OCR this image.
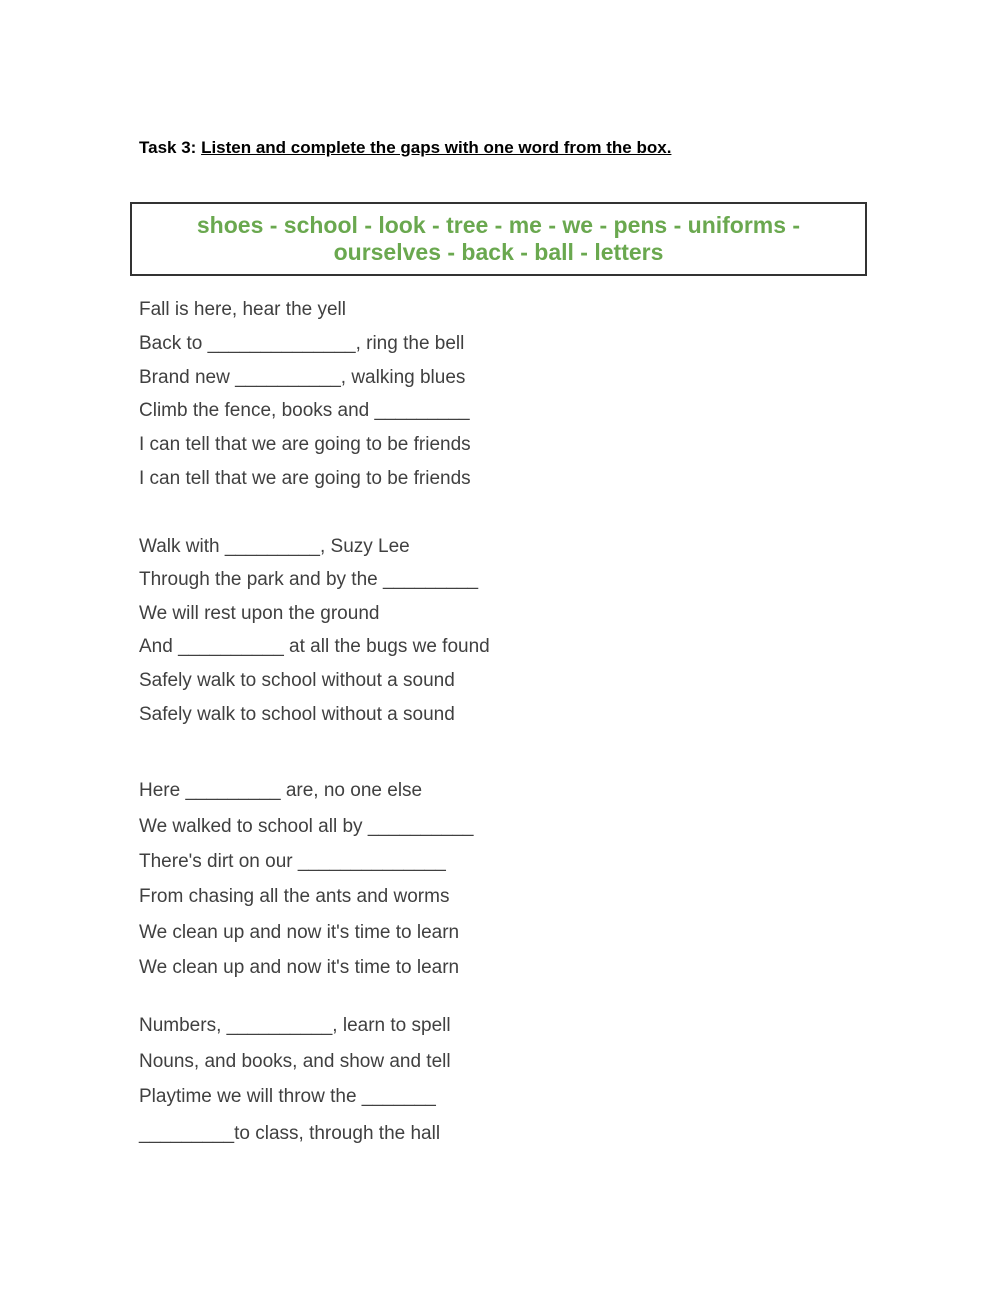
Task 3: Listen and complete the gaps with one word from the box.
shoes - school - look - tree - me - we - pens - uniforms -
ourselves - back - ball - letters
Fall is here, hear the yell
Back to ______________, ring the bell
Brand new __________, walking blues
Climb the fence, books and _________
I can tell that we are going to be friends
I can tell that we are going to be friends
Walk with _________, Suzy Lee
Through the park and by the _________
We will rest upon the ground
And __________ at all the bugs we found
Safely walk to school without a sound
Safely walk to school without a sound
Here _________ are, no one else
We walked to school all by __________
There's dirt on our ______________
From chasing all the ants and worms
We clean up and now it's time to learn
We clean up and now it's time to learn
Numbers, __________, learn to spell
Nouns, and books, and show and tell
Playtime we will throw the _______
_________to class, through the hall
